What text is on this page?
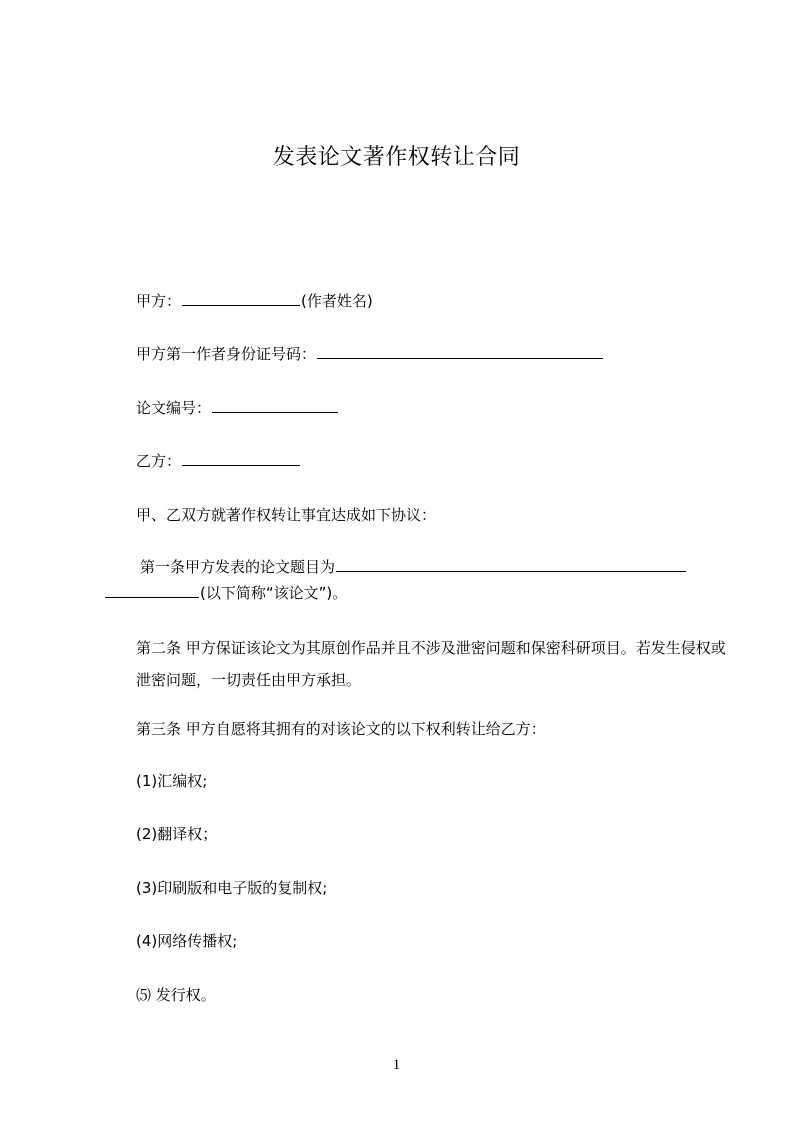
发表论文著作权转让合同
甲方：	(作者姓名)
甲方第一作者身份证号码：
论文编号：
乙方：
甲、乙双方就著作权转让事宜达成如下协议：
第一条甲方发表的论文题目为
(以下简称“该论文”)。
第二条 甲方保证该论文为其原创作品并且不涉及泄密问题和保密科研项目。若发生侵权或泄密问题，一切责任由甲方承担。
第三条 甲方自愿将其拥有的对该论文的以下权利转让给乙方：
(1)汇编权;
(2)翻译权；
(3)印刷版和电子版的复制权;
(4)网络传播权;
⑸ 发行权。
1
